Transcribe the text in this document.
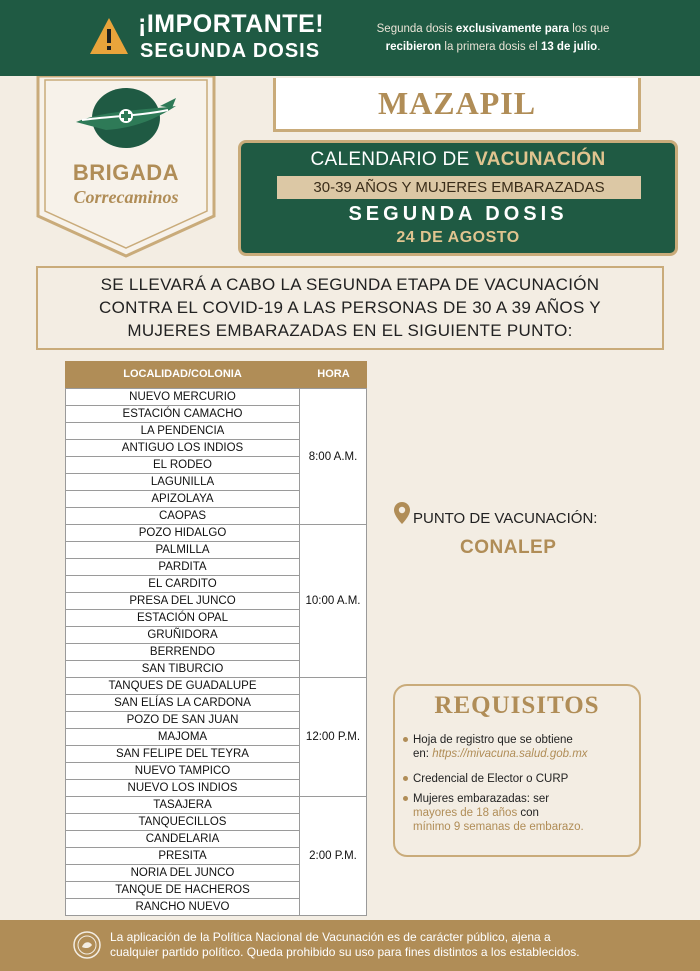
¡IMPORTANTE!
SEGUNDA DOSIS
Segunda dosis exclusivamente para los que
recibieron la primera dosis el 13 de julio.
BRIGADA
Correcaminos
MAZAPIL
CALENDARIO DE VACUNACIÓN
30-39 AÑOS Y MUJERES EMBARAZADAS
SEGUNDA DOSIS
24 DE AGOSTO
SE LLEVARÁ A CABO LA SEGUNDA ETAPA DE VACUNACIÓN
CONTRA EL COVID-19 A LAS PERSONAS DE 30 A 39 AÑOS Y
MUJERES EMBARAZADAS EN EL SIGUIENTE PUNTO:
LOCALIDAD/COLONIA	HORA
NUEVO MERCURIO
ESTACIÓN CAMACHO
LA PENDENCIA
ANTIGUO LOS INDIOS
EL RODEO
LAGUNILLA
APIZOLAYA
CAOPAS
8:00 A.M.
POZO HIDALGO
PALMILLA
PARDITA
EL CARDITO
PRESA DEL JUNCO
ESTACIÓN OPAL
GRUÑIDORA
BERRENDO
SAN TIBURCIO
10:00 A.M.
TANQUES DE GUADALUPE
SAN ELÍAS LA CARDONA
POZO DE SAN JUAN
MAJOMA
SAN FELIPE DEL TEYRA
NUEVO TAMPICO
NUEVO LOS INDIOS
12:00 P.M.
TASAJERA
TANQUECILLOS
CANDELARIA
PRESITA
NORIA DEL JUNCO
TANQUE DE HACHEROS
RANCHO NUEVO
2:00 P.M.
PUNTO DE VACUNACIÓN:
CONALEP
REQUISITOS
Hoja de registro que se obtiene
en: https://mivacuna.salud.gob.mx
Credencial de Elector o CURP
Mujeres embarazadas: ser
mayores de 18 años con
mínimo 9 semanas de embarazo.
La aplicación de la Política Nacional de Vacunación es de carácter público, ajena a
cualquier partido político. Queda prohibido su uso para fines distintos a los establecidos.
